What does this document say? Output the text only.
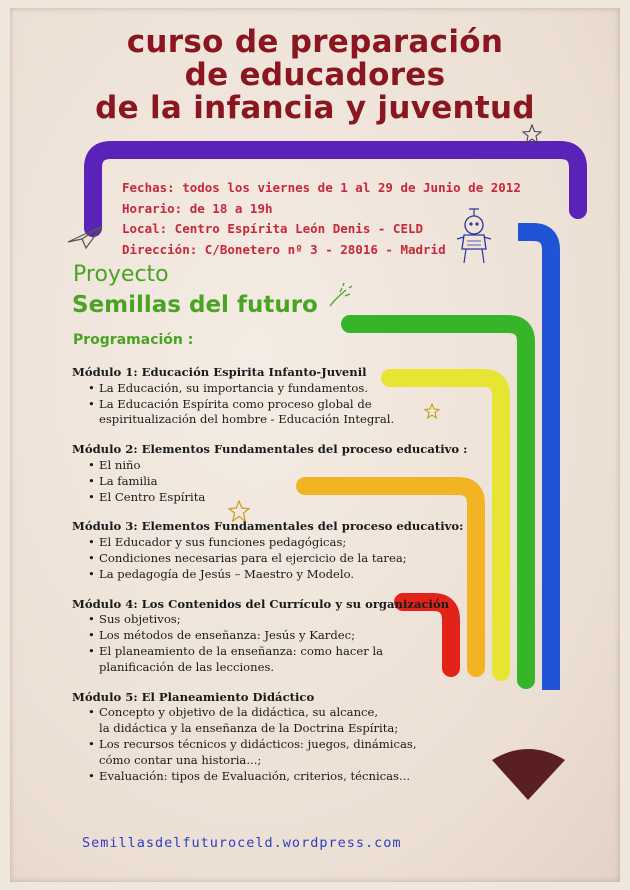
curso de preparación
de educadores
de la infancia y juventud
Fechas: todos los viernes de 1 al 29 de Junio de 2012
Horario: de 18 a 19h
Local: Centro Espírita León Denis - CELD
Dirección: C/Bonetero nº 3 - 28016 - Madrid
Proyecto
Semillas del futuro
Programación :
Módulo 1: Educación Espirita Infanto-Juvenil
• La Educación, su importancia y fundamentos.
• La Educación Espírita como proceso global de
espiritualización del hombre - Educación Integral.
Módulo 2: Elementos Fundamentales del proceso educativo :
• El niño
• La familia
• El Centro Espírita
Módulo 3: Elementos Fundamentales del proceso educativo:
• El Educador y sus funciones pedagógicas;
• Condiciones necesarias para el ejercicio de la tarea;
• La pedagogía de Jesús – Maestro y Modelo.
Módulo 4: Los Contenidos del Currículo y su organización
• Sus objetivos;
• Los métodos de enseñanza: Jesús y Kardec;
• El planeamiento de la enseñanza: como hacer la
planificación de las lecciones.
Módulo 5: El Planeamiento Didáctico
• Concepto y objetivo de la didáctica, su alcance,
la didáctica y la enseñanza de la Doctrina Espírita;
• Los recursos técnicos y didácticos: juegos, dinámicas,
cómo contar una historia...;
• Evaluación: tipos de Evaluación, criterios, técnicas...
Semillasdelfuturoceld.wordpress.com
